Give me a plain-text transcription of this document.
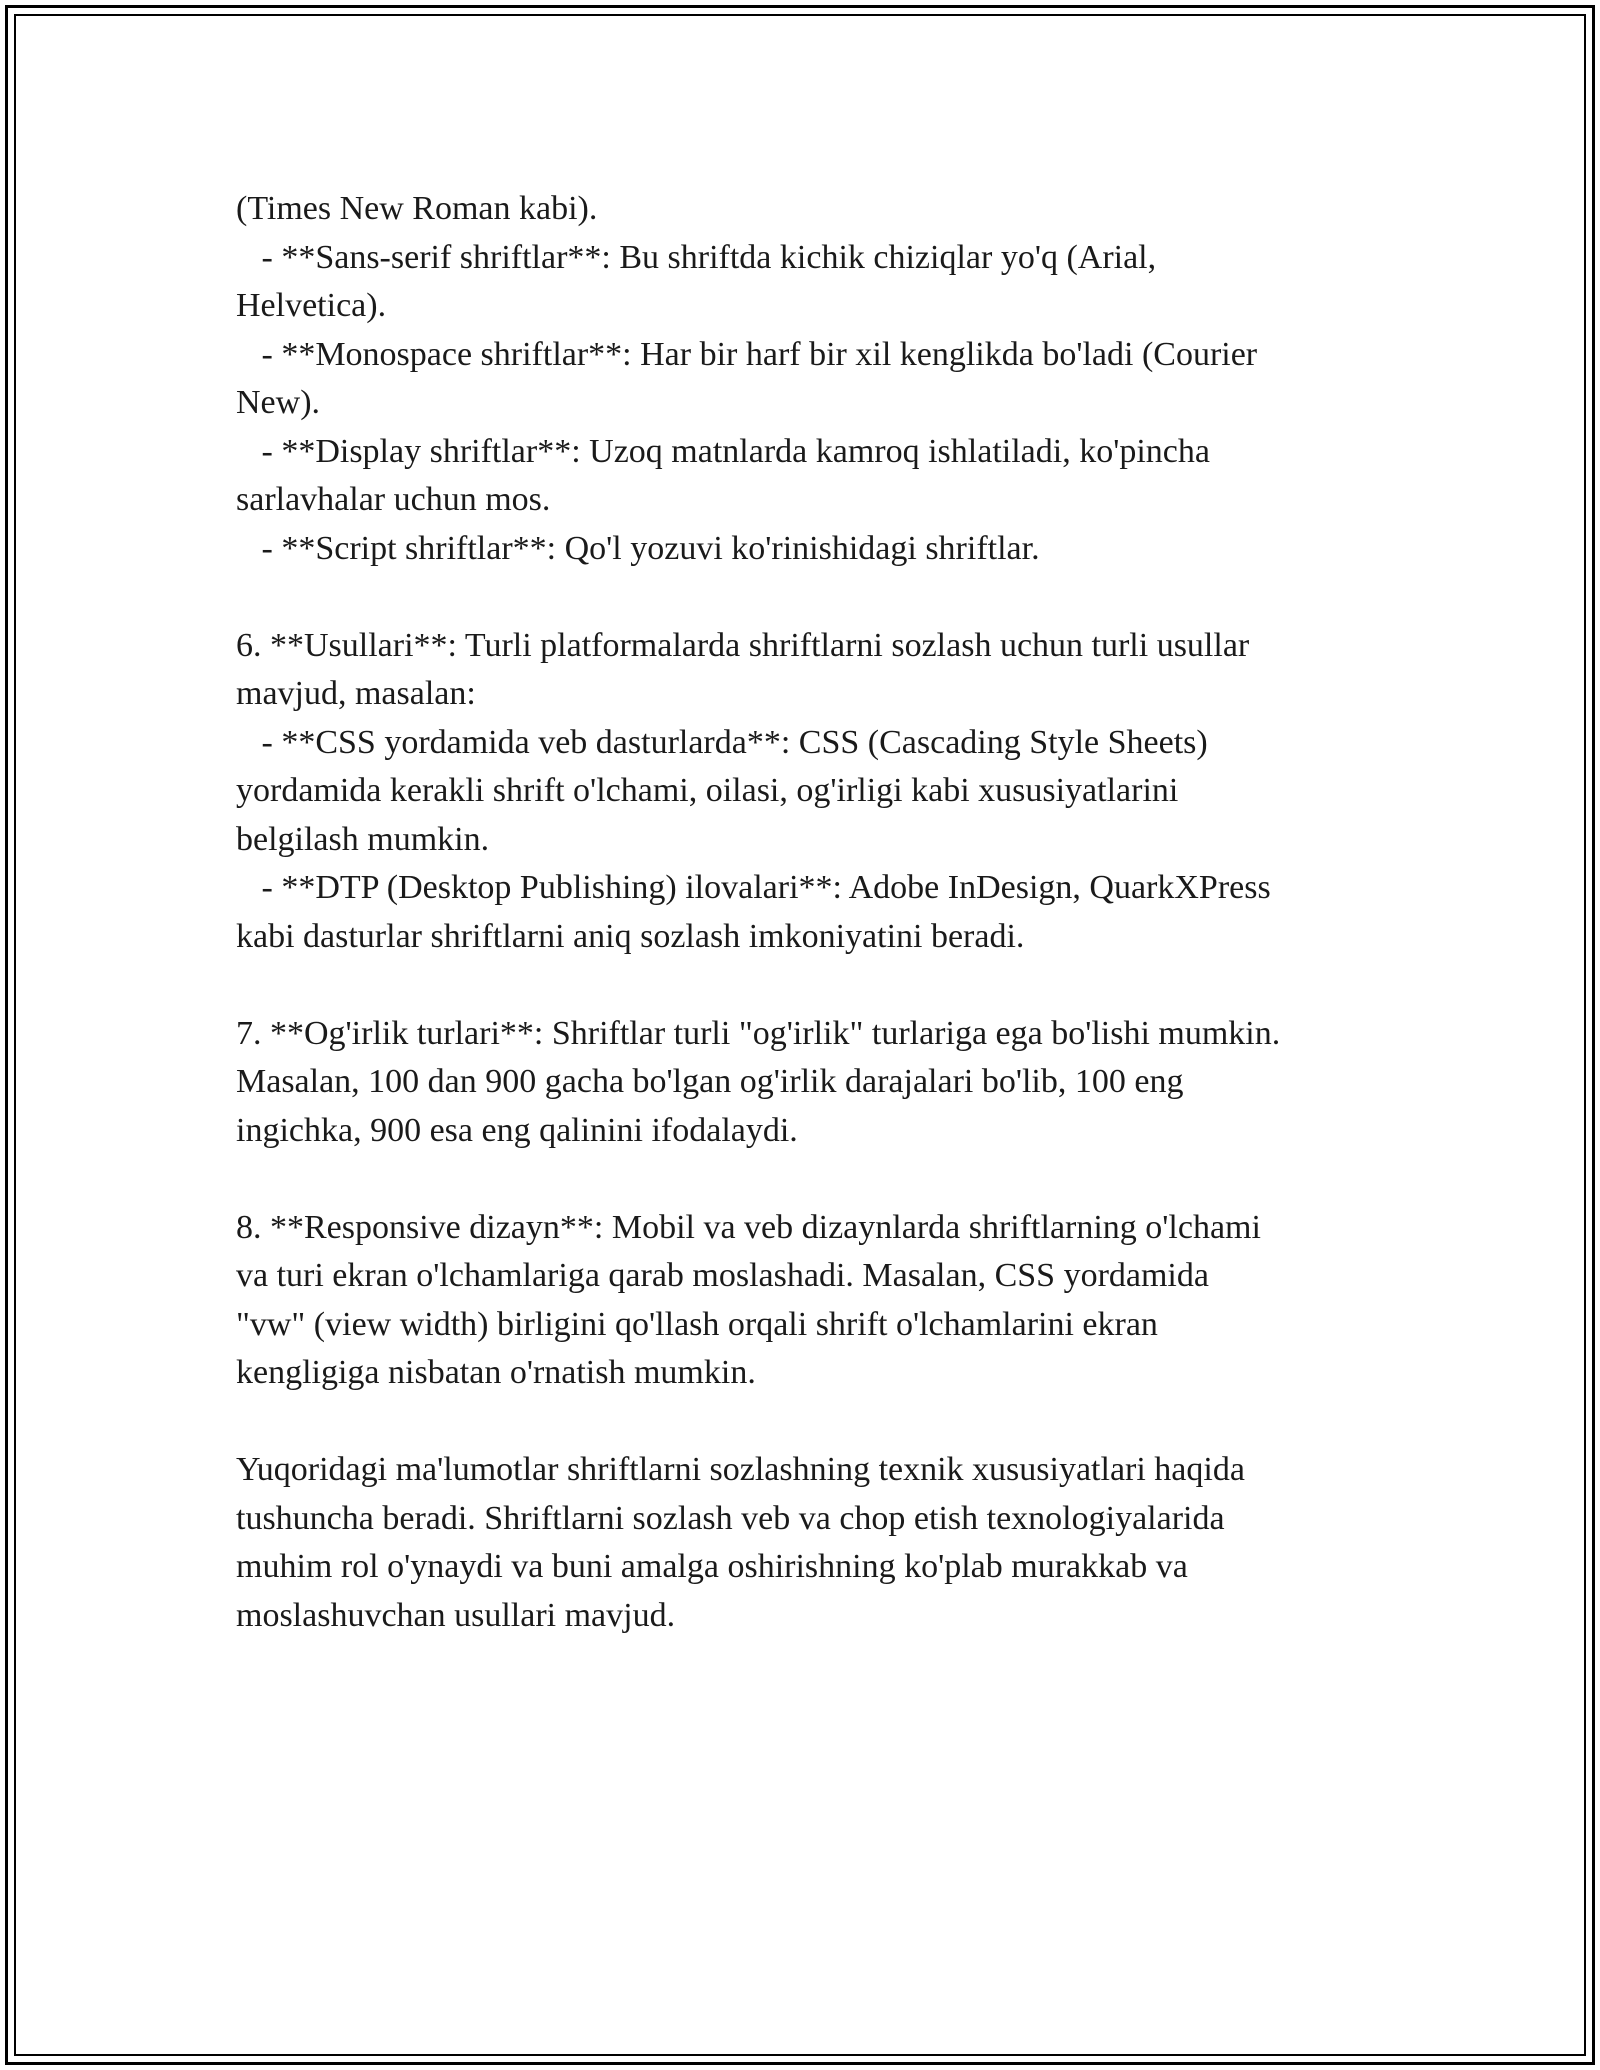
(Times New Roman kabi).
- **Sans-serif shriftlar**: Bu shriftda kichik chiziqlar yo'q (Arial,
Helvetica).
- **Monospace shriftlar**: Har bir harf bir xil kenglikda bo'ladi (Courier
New).
- **Display shriftlar**: Uzoq matnlarda kamroq ishlatiladi, ko'pincha
sarlavhalar uchun mos.
- **Script shriftlar**: Qo'l yozuvi ko'rinishidagi shriftlar.
6. **Usullari**: Turli platformalarda shriftlarni sozlash uchun turli usullar
mavjud, masalan:
- **CSS yordamida veb dasturlarda**: CSS (Cascading Style Sheets)
yordamida kerakli shrift o'lchami, oilasi, og'irligi kabi xususiyatlarini
belgilash mumkin.
- **DTP (Desktop Publishing) ilovalari**: Adobe InDesign, QuarkXPress
kabi dasturlar shriftlarni aniq sozlash imkoniyatini beradi.
7. **Og'irlik turlari**: Shriftlar turli "og'irlik" turlariga ega bo'lishi mumkin.
Masalan, 100 dan 900 gacha bo'lgan og'irlik darajalari bo'lib, 100 eng
ingichka, 900 esa eng qalinini ifodalaydi.
8. **Responsive dizayn**: Mobil va veb dizaynlarda shriftlarning o'lchami
va turi ekran o'lchamlariga qarab moslashadi. Masalan, CSS yordamida
"vw" (view width) birligini qo'llash orqali shrift o'lchamlarini ekran
kengligiga nisbatan o'rnatish mumkin.
Yuqoridagi ma'lumotlar shriftlarni sozlashning texnik xususiyatlari haqida
tushuncha beradi. Shriftlarni sozlash veb va chop etish texnologiyalarida
muhim rol o'ynaydi va buni amalga oshirishning ko'plab murakkab va
moslashuvchan usullari mavjud.
